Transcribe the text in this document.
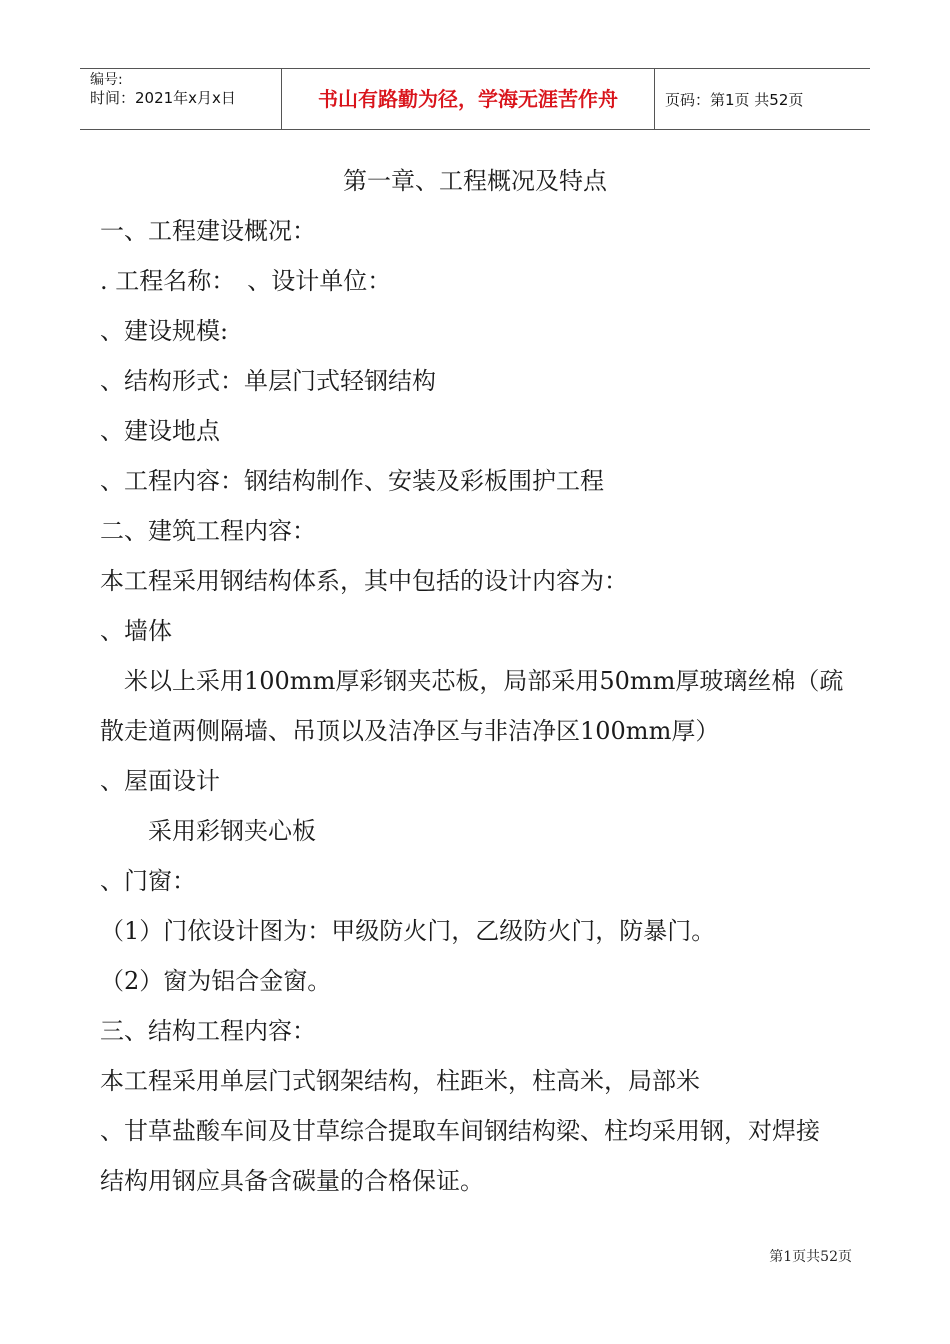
编号:
时间：2021年x月x日	书山有路勤为径，学海无涯苦作舟	页码：第1页 共52页
第一章、工程概况及特点
一、工程建设概况：
. 工程名称：　、设计单位：
、建设规模:
、结构形式：单层门式轻钢结构
、建设地点
、工程内容：钢结构制作、安装及彩板围护工程
二、建筑工程内容：
本工程采用钢结构体系，其中包括的设计内容为：
、墙体
　米以上采用100mm厚彩钢夹芯板，局部采用50mm厚玻璃丝棉（疏
散走道两侧隔墙、吊顶以及洁净区与非洁净区100mm厚）
、屋面设计
　　采用彩钢夹心板
、门窗：
（1）门依设计图为：甲级防火门，乙级防火门，防暴门。
（2）窗为铝合金窗。
三、结构工程内容：
本工程采用单层门式钢架结构，柱距米，柱高米，局部米
、甘草盐酸车间及甘草综合提取车间钢结构梁、柱均采用钢，对焊接
结构用钢应具备含碳量的合格保证。
第1页共52页
